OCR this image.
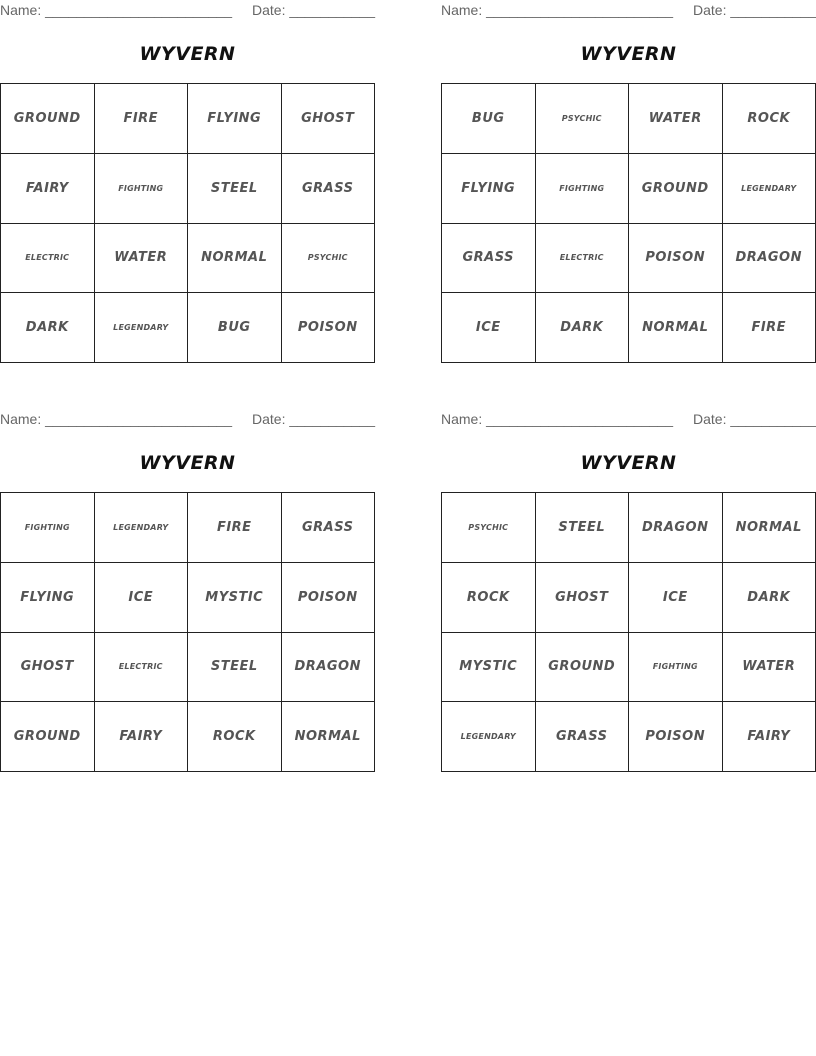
Name: ________________________ Date: ___________
WYVERN
GROUND	FIRE	FLYING	GHOST
FAIRY	FIGHTING	STEEL	GRASS
ELECTRIC	WATER	NORMAL	PSYCHIC
DARK	LEGENDARY	BUG	POISON
Name: ________________________ Date: ___________
WYVERN
BUG	PSYCHIC	WATER	ROCK
FLYING	FIGHTING	GROUND	LEGENDARY
GRASS	ELECTRIC	POISON	DRAGON
ICE	DARK	NORMAL	FIRE
Name: ________________________ Date: ___________
WYVERN
FIGHTING	LEGENDARY	FIRE	GRASS
FLYING	ICE	MYSTIC	POISON
GHOST	ELECTRIC	STEEL	DRAGON
GROUND	FAIRY	ROCK	NORMAL
Name: ________________________ Date: ___________
WYVERN
PSYCHIC	STEEL	DRAGON	NORMAL
ROCK	GHOST	ICE	DARK
MYSTIC	GROUND	FIGHTING	WATER
LEGENDARY	GRASS	POISON	FAIRY
